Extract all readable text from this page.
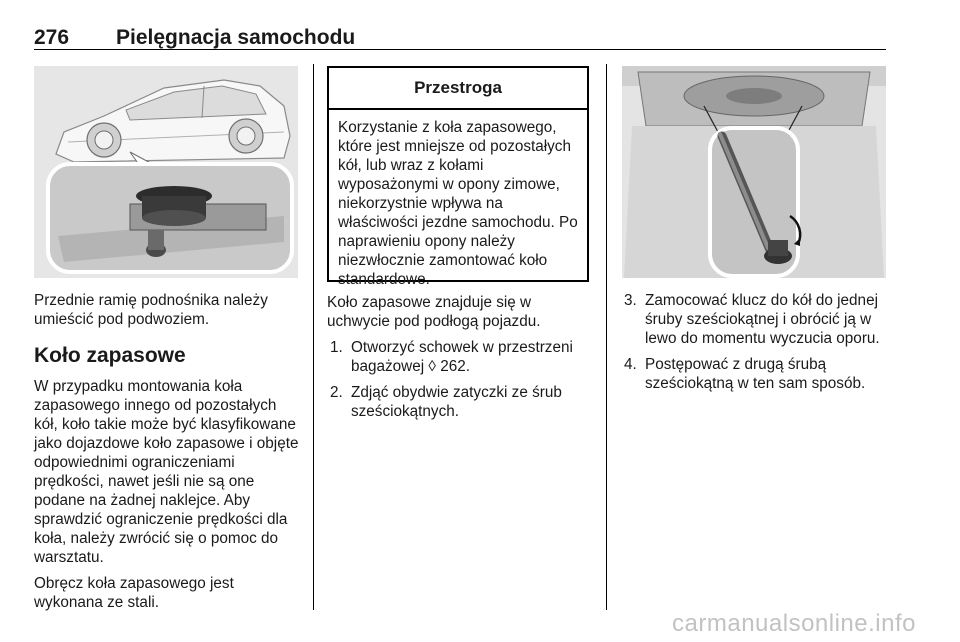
276 Pielęgnacja samochodu

Przednie ramię podnośnika należy umieścić pod podwoziem.

Koło zapasowe

W przypadku montowania koła zapasowego innego od pozostałych kół, koło takie może być klasyfikowane jako dojazdowe koło zapasowe i objęte odpowiednimi ograniczeniami prędkości, nawet jeśli nie są one podane na żadnej naklejce. Aby sprawdzić ograniczenie prędkości dla koła, należy zwrócić się o pomoc do warsztatu.

Obręcz koła zapasowego jest wykonana ze stali.

Przestroga
Korzystanie z koła zapasowego, które jest mniejsze od pozostałych kół, lub wraz z kołami wyposażonymi w opony zimowe, niekorzystnie wpływa na właściwości jezdne samochodu. Po naprawieniu opony należy niezwłocznie zamontować koło standardowe.

Koło zapasowe znajduje się w uchwycie pod podłogą pojazdu.

1. Otworzyć schowek w przestrzeni bagażowej ◊ 262.
2. Zdjąć obydwie zatyczki ze śrub sześciokątnych.
3. Zamocować klucz do kół do jednej śruby sześciokątnej i obrócić ją w lewo do momentu wyczucia oporu.
4. Postępować z drugą śrubą sześciokątną w ten sam sposób.
carmanualsonline.info
